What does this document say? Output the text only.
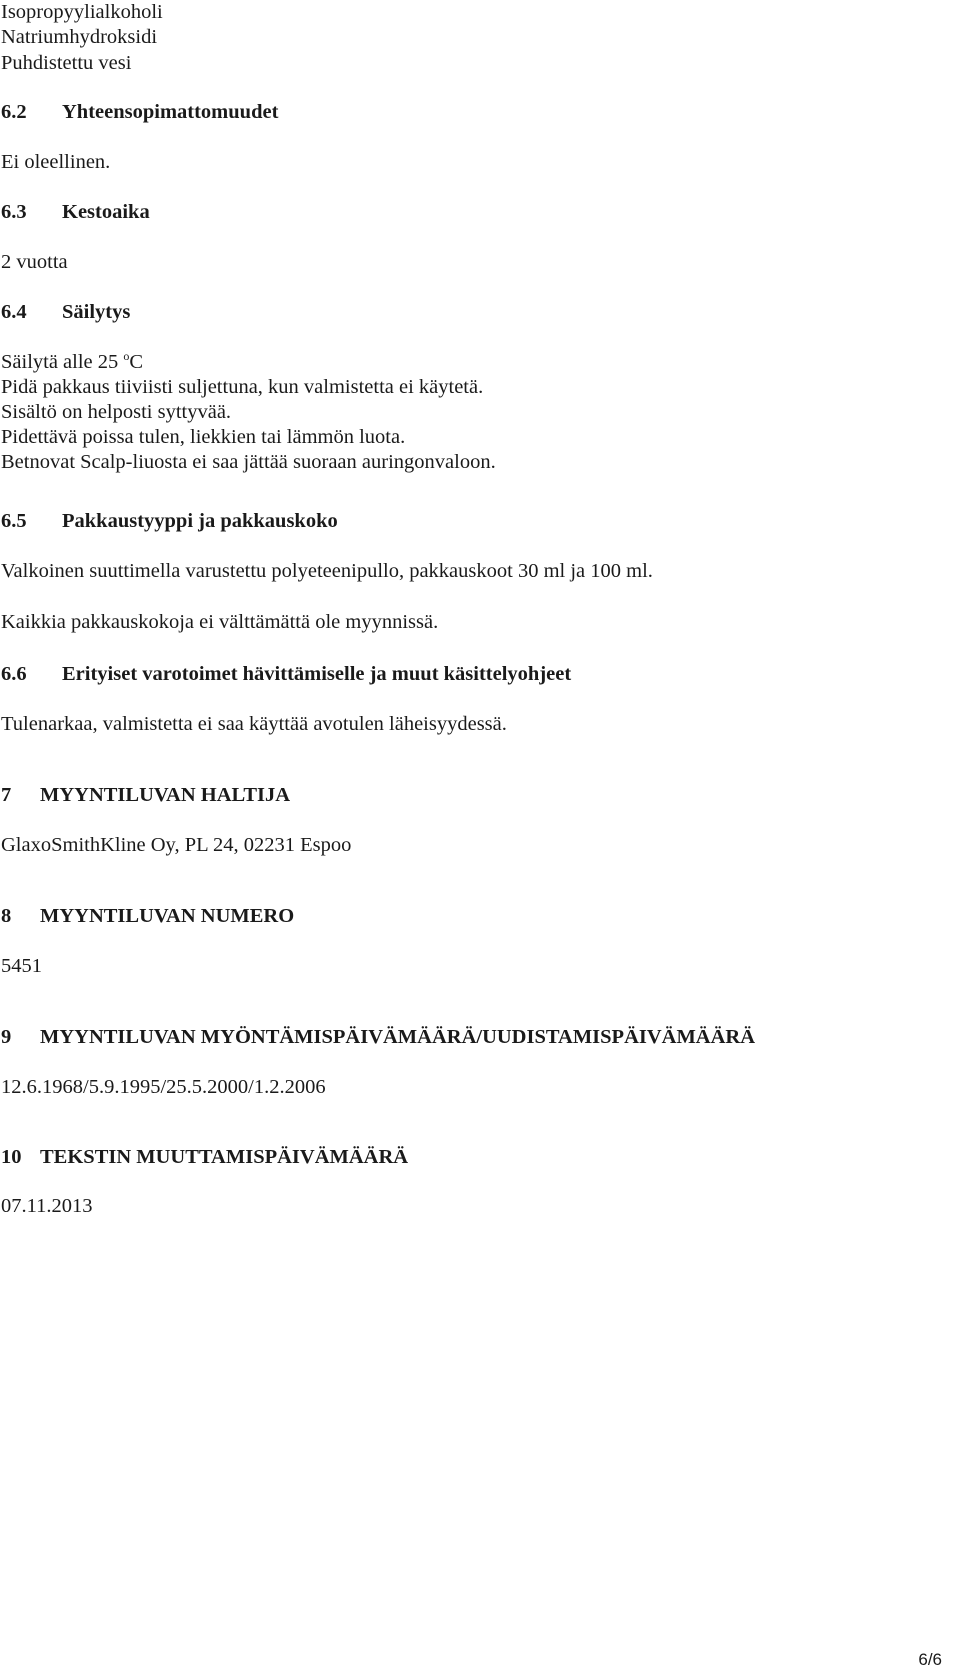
Isopropyylialkoholi

Natriumhydroksidi

Puhdistettu vesi

6.2 Yhteensopimattomuudet

Ei oleellinen.

6.3 Kestoaika

2 vuotta

6.4 Säilytys

Säilytä alle 25 $^o$C

Pidä pakkaus tiiviisti suljettuna, kun valmistetta ei käytetä.

Sisältö on helposti syttyvää.

Pidettävä poissa tulen, liekkien tai lämmön luota.

Betnovat Scalp-liuosta ei saa jättää suoraan auringonvaloon.

6.5 Pakkaustyyppi ja pakkauskoko

Valkoinen suuttimella varustettu polyeteenipullo, pakkauskoot 30 ml ja 100 ml.

Kaikkia pakkauskokoja ei välttämättä ole myynnissä.

6.6 Erityiset varotoimet hävittämiselle ja muut käsittelyohjeet

Tulenarkaa, valmistetta ei saa käyttää avotulen läheisyydessä.

7 MYYNTILUVAN HALTIJA

GlaxoSmithKline Oy, PL 24, 02231 Espoo

8 MYYNTILUVAN NUMERO

5451

9 MYYNTILUVAN MYÖNTÄMISPÄIVÄMÄÄRÄ/UUDISTAMISPÄIVÄMÄÄRÄ

12.6.1968/5.9.1995/25.5.2000/1.2.2006

10 TEKSTIN MUUTTAMISPÄIVÄMÄÄRÄ

07.11.2013

6/6
